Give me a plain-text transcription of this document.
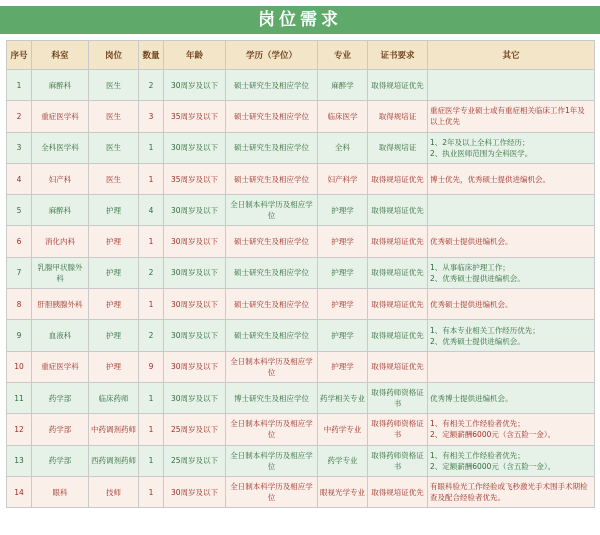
岗位需求
序号	科室	岗位	数量	年龄	学历（学位）	专业	证书要求	其它
1	麻醉科	医生	2	30周岁及以下	硕士研究生及相应学位	麻醉学	取得规培证优先	
2	重症医学科	医生	3	35周岁及以下	硕士研究生及相应学位	临床医学	取得规培证	重症医学专业硕士或有重症相关临床工作1年及以上优先
3	全科医学科	医生	1	30周岁及以下	硕士研究生及相应学位	全科	取得规培证	1、2年及以上全科工作经历；
2、执业医师范围为全科医学。

4	妇产科	医生	1	35周岁及以下	硕士研究生及相应学位	妇产科学	取得规培证优先	博士优先，优秀硕士提供进编机会。
5	麻醉科	护理	4	30周岁及以下	全日制本科学历及相应学位	护理学	取得规培证优先	
6	消化内科	护理	1	30周岁及以下	硕士研究生及相应学位	护理学	取得规培证优先	优秀硕士提供进编机会。
7	乳腺甲状腺外科	护理	2	30周岁及以下	硕士研究生及相应学位	护理学	取得规培证优先	1、从事临床护理工作；
2、优秀硕士提供进编机会。

8	肝胆胰腺外科	护理	1	30周岁及以下	硕士研究生及相应学位	护理学	取得规培证优先	优秀硕士提供进编机会。
9	血液科	护理	2	30周岁及以下	硕士研究生及相应学位	护理学	取得规培证优先	1、有本专业相关工作经历优先；
2、优秀硕士提供进编机会。

10	重症医学科	护理	9	30周岁及以下	全日制本科学历及相应学位	护理学	取得规培证优先	
11	药学部	临床药师	1	30周岁及以下	博士研究生及相应学位	药学相关专业	取得药师资格证书	优秀博士提供进编机会。
12	药学部	中药调剂药师	1	25周岁及以下	全日制本科学历及相应学位	中药学专业	取得药师资格证书	1、有相关工作经验者优先；
2、定额薪酬6000元（含五险一金）。

13	药学部	西药调剂药师	1	25周岁及以下	全日制本科学历及相应学位	药学专业	取得药师资格证书	1、有相关工作经验者优先；
2、定额薪酬6000元（含五险一金）。

14	眼科	技师	1	30周岁及以下	全日制本科学历及相应学位	眼视光学专业	取得规培证优先	有眼科验光工作经验或飞秒激光手术围手术期检查及配合经验者优先。
